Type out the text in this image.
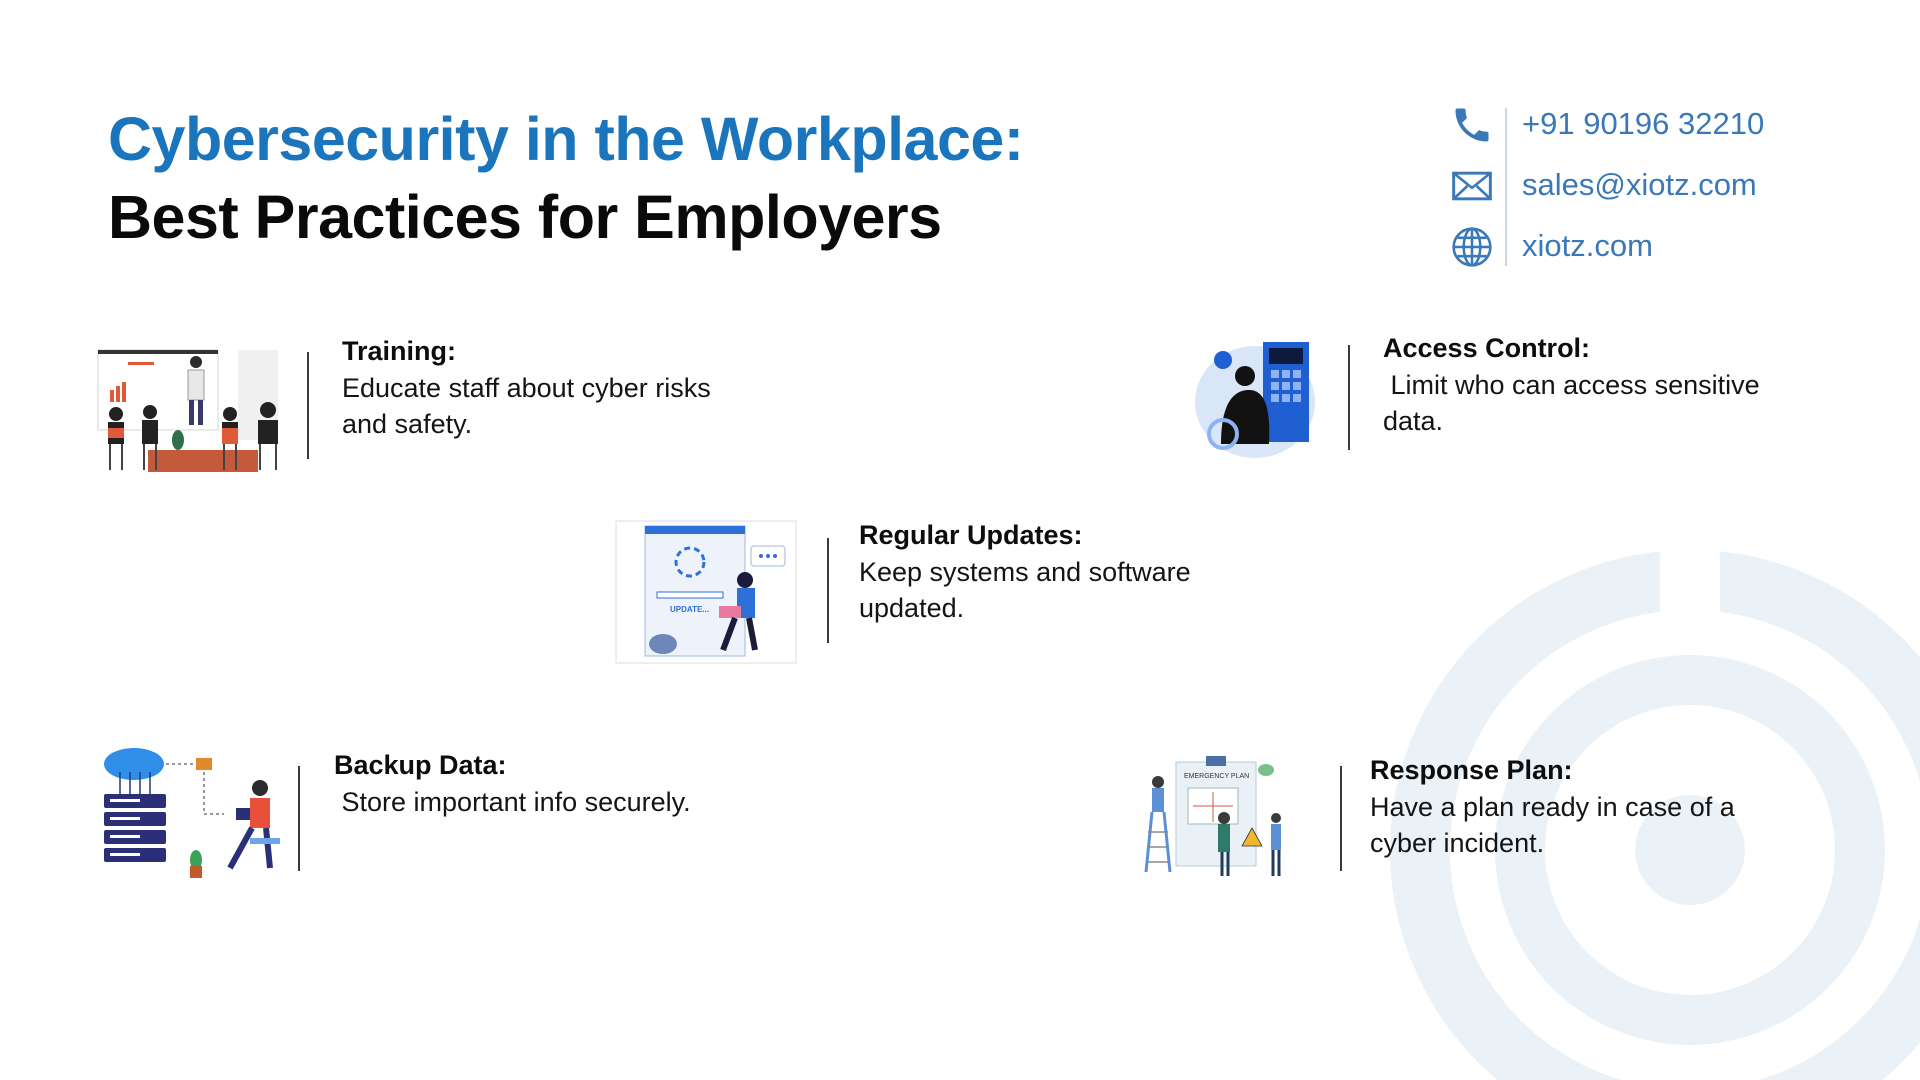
Cybersecurity in the Workplace:
Best Practices for Employers
+91 90196 32210
sales@xiotz.com
xiotz.com
Training:
Educate staff about cyber risks and safety.
Access Control:
Limit who can access sensitive data.
UPDATE...
Regular Updates:
Keep systems and software updated.
Backup Data:
Store important info securely.
EMERGENCY PLAN	Response Plan:
Have a plan ready in case of a cyber incident.
